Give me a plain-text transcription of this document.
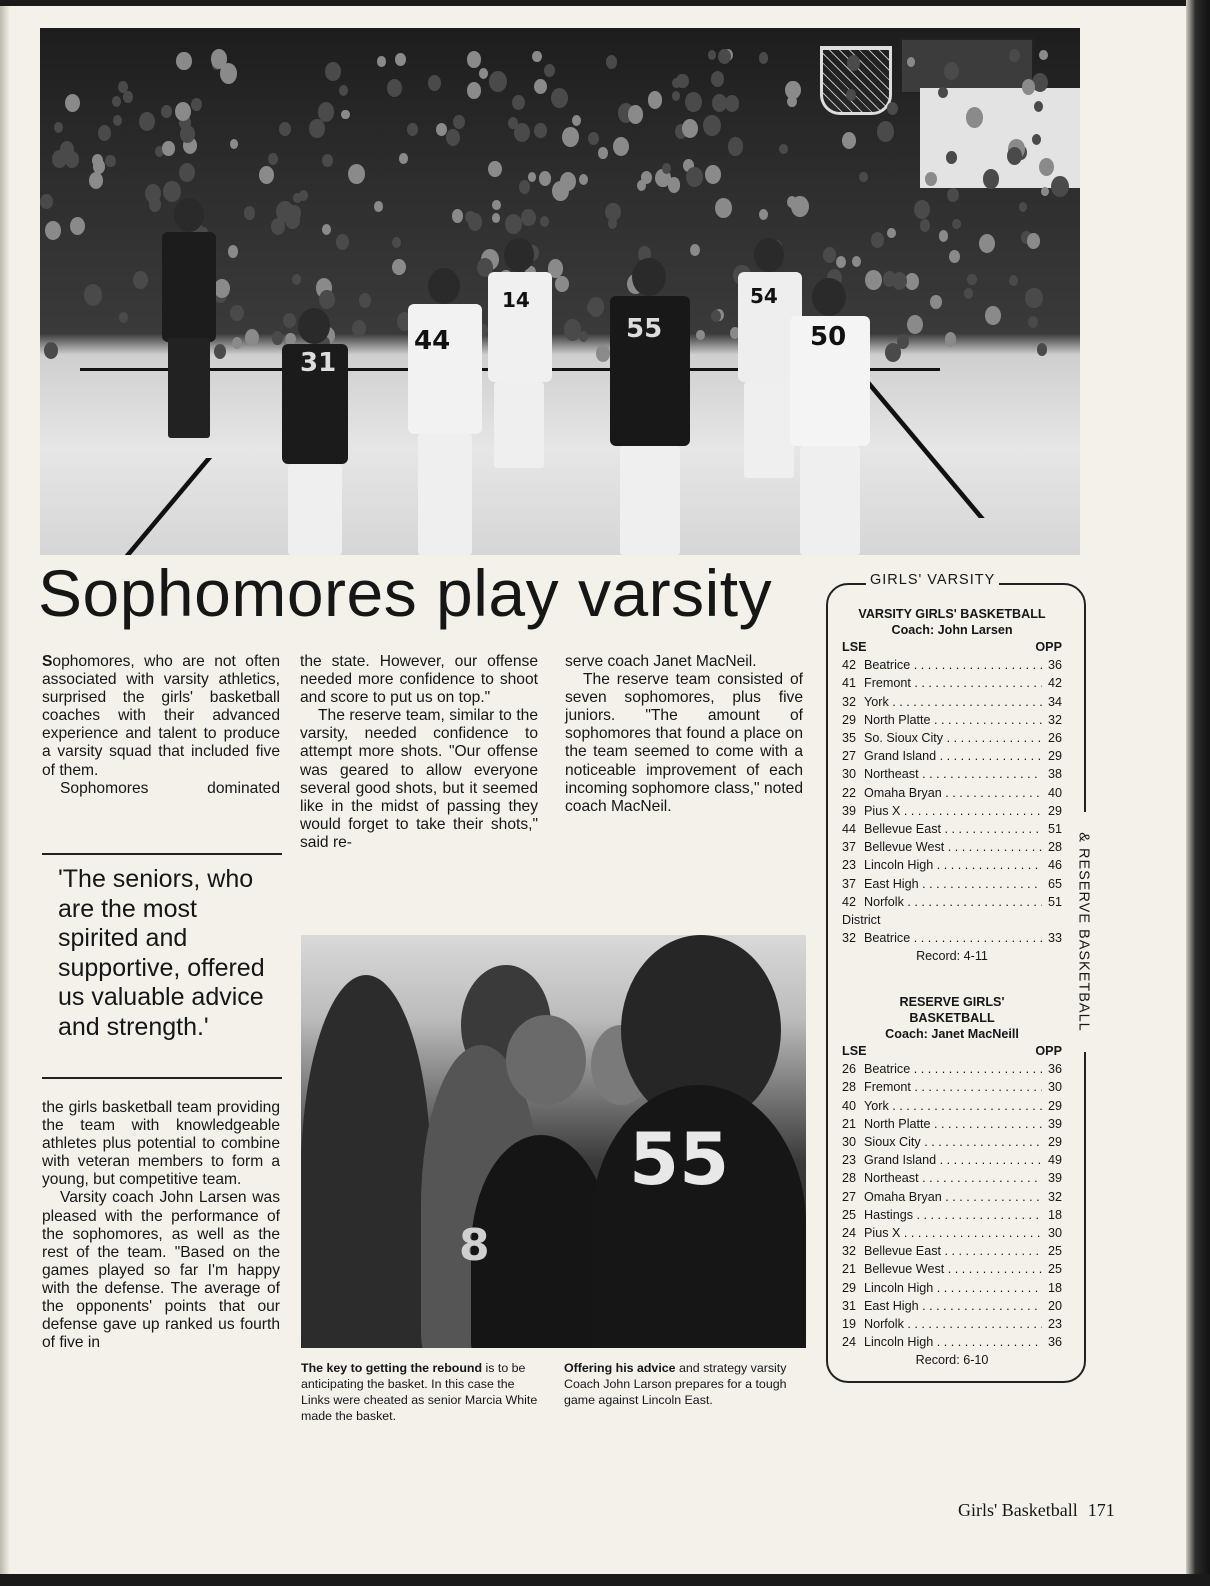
31
44
14
55
54
50
Sophomores play varsity

Sophomores, who are not often associated with varsity athletics, surprised the girls' basketball coaches with their advanced experience and talent to produce a varsity squad that included five of them.

Sophomores dominated

'The seniors, who are the most spirited and supportive, offered us valuable advice and strength.'

the girls basketball team providing the team with knowledgeable athletes plus potential to combine with veteran members to form a young, but competitive team.

Varsity coach John Larsen was pleased with the performance of the sophomores, as well as the rest of the team. "Based on the games played so far I'm happy with the defense. The average of the opponents' points that our defense gave up ranked us fourth of five in

the state. However, our offense needed more confidence to shoot and score to put us on top."

The reserve team, similar to the varsity, needed confidence to attempt more shots. "Our offense was geared to allow everyone several good shots, but it seemed like in the midst of passing they would forget to take their shots," said re-

serve coach Janet MacNeil.

The reserve team consisted of seven sophomores, plus five juniors. "The amount of sophomores that found a place on the team seemed to come with a noticeable improvement of each incoming sophomore class," noted coach MacNeil.

55
8
The key to getting the rebound is to be anticipating the basket. In this case the Links were cheated as senior Marcia White made the basket.
Offering his advice and strategy varsity Coach John Larson prepares for a tough game against Lincoln East.
GIRLS' VARSITY
& RESERVE BASKETBALL
VARSITY GIRLS' BASKETBALL
Coach: John Larsen
LSE	OPP
42 Beatrice . . .	36
41 Fremont . . .	42
32 York . . .	34
29 North Platte . . .	32
35 So. Sioux City . . .	26
27 Grand Island . . .	29
30 Northeast . . .	38
22 Omaha Bryan . . .	40
39 Pius X . . .	29
44 Bellevue East . . .	51
37 Bellevue West . . .	28
23 Lincoln High . . .	46
37 East High . . .	65
42 Norfolk . . .	51
District
32 Beatrice . . .	33
Record: 4-11
RESERVE GIRLS'
BASKETBALL
Coach: Janet MacNeill
LSE	OPP
26 Beatrice . . .	36
28 Fremont . . .	30
40 York . . .	29
21 North Platte . . .	39
30 Sioux City . . .	29
23 Grand Island . . .	49
28 Northeast . . .	39
27 Omaha Bryan . . .	32
25 Hastings . . .	18
24 Pius X . . .	30
32 Bellevue East . . .	25
21 Bellevue West . . .	25
29 Lincoln High . . .	18
31 East High . . .	20
19 Norfolk . . .	23
24 Lincoln High . . .	36
Record: 6-10
Girls' Basketball 171
